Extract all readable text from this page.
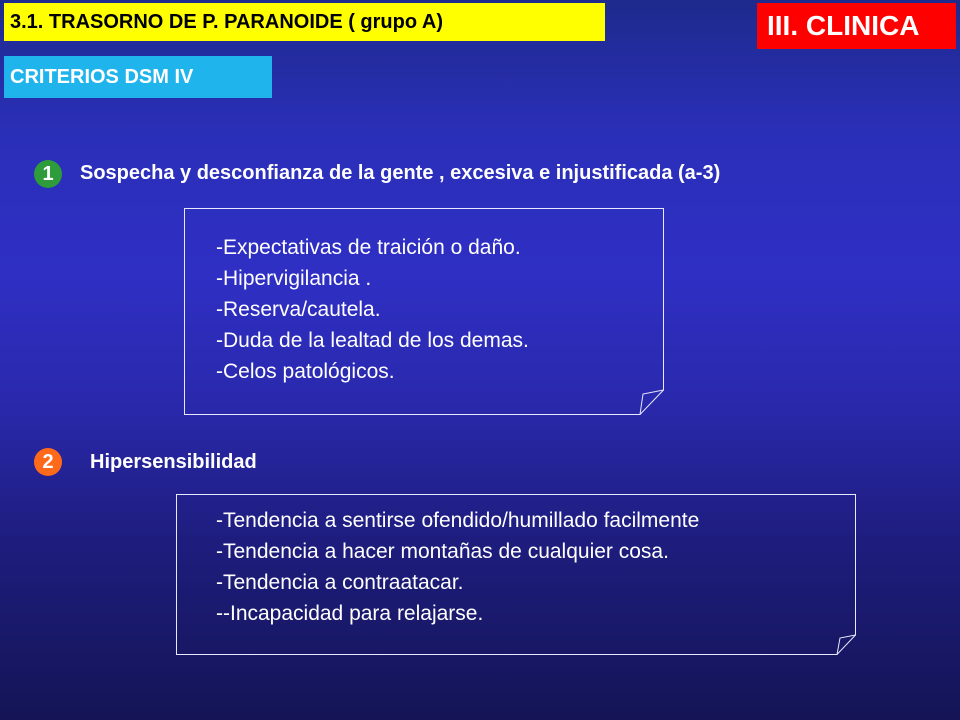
3.1. TRASORNO DE P. PARANOIDE ( grupo A)	III. CLINICA
CRITERIOS DSM IV
1	Sospecha y desconfianza de la gente , excesiva e injustificada (a-3)
-Expectativas de traición o daño.
-Hipervigilancia .
-Reserva/cautela.
-Duda de la lealtad de los demas.
-Celos patológicos.
2	Hipersensibilidad
-Tendencia a sentirse ofendido/humillado facilmente
-Tendencia a hacer montañas de cualquier cosa.
-Tendencia a contraatacar.
--Incapacidad para relajarse.
